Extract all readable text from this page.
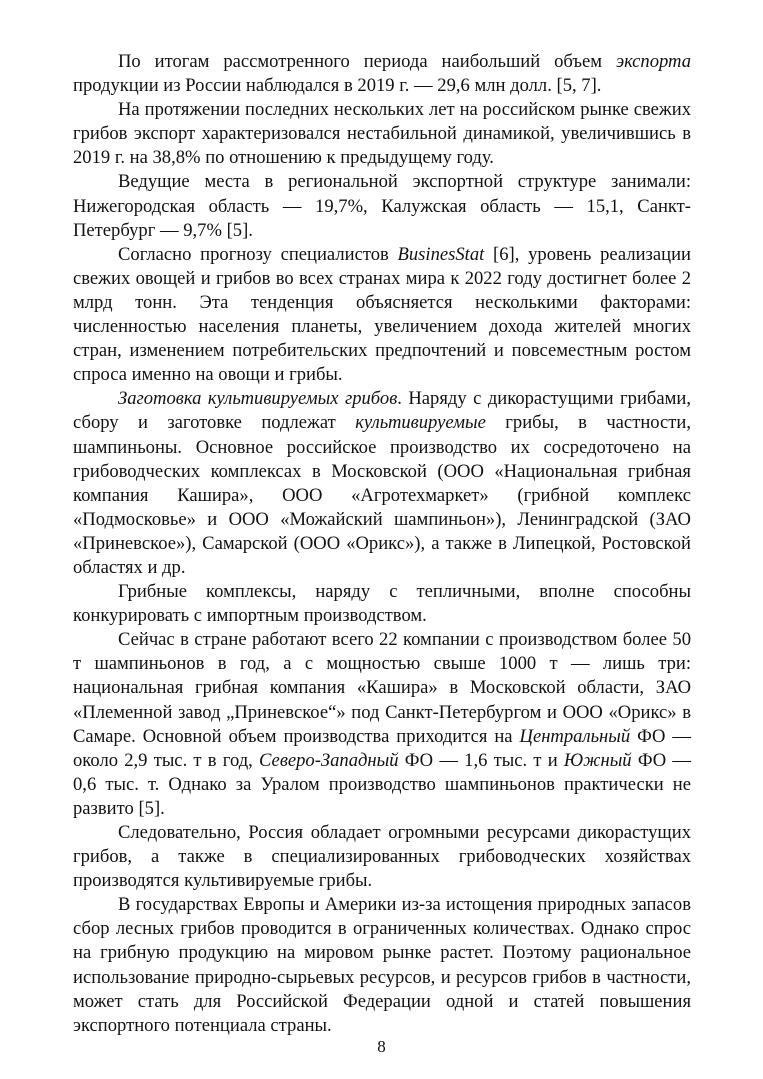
По итогам рассмотренного периода наибольший объем экспорта продукции из России наблюдался в 2019 г. — 29,6 млн долл. [5, 7].

На протяжении последних нескольких лет на российском рынке свежих грибов экспорт характеризовался нестабильной динамикой, увеличившись в 2019 г. на 38,8% по отношению к предыдущему году.

Ведущие места в региональной экспортной структуре занимали: Нижегородская область — 19,7%, Калужская область — 15,1, Санкт-Петербург — 9,7% [5].

Согласно прогнозу специалистов BusinesStat [6], уровень реализации свежих овощей и грибов во всех странах мира к 2022 году достигнет более 2 млрд тонн. Эта тенденция объясняется несколькими факторами: численностью населения планеты, увеличением дохода жителей многих стран, изменением потребительских предпочтений и повсеместным ростом спроса именно на овощи и грибы.

Заготовка культивируемых грибов. Наряду с дикорастущими грибами, сбору и заготовке подлежат культивируемые грибы, в частности, шампиньоны. Основное российское производство их сосредоточено на грибоводческих комплексах в Московской (ООО «Национальная грибная компания Кашира», ООО «Агротехмаркет» (грибной комплекс «Подмосковье» и ООО «Можайский шампиньон»), Ленинградской (ЗАО «Приневское»), Самарской (ООО «Орикс»), а также в Липецкой, Ростовской областях и др.

Грибные комплексы, наряду с тепличными, вполне способны конкурировать с импортным производством.

Сейчас в стране работают всего 22 компании с производством более 50 т шампиньонов в год, а с мощностью свыше 1000 т — лишь три: национальная грибная компания «Кашира» в Московской области, ЗАО «Племенной завод „Приневское“» под Санкт-Петербургом и ООО «Орикс» в Самаре. Основной объем производства приходится на Центральный ФО — около 2,9 тыс. т в год, Северо-Западный ФО — 1,6 тыс. т и Южный ФО — 0,6 тыс. т. Однако за Уралом производство шампиньонов практически не развито [5].

Следовательно, Россия обладает огромными ресурсами дикорастущих грибов, а также в специализированных грибоводческих хозяйствах производятся культивируемые грибы.

В государствах Европы и Америки из-за истощения природных запасов сбор лесных грибов проводится в ограниченных количествах. Однако спрос на грибную продукцию на мировом рынке растет. Поэтому рациональное использование природно-сырьевых ресурсов, и ресурсов грибов в частности, может стать для Российской Федерации одной и статей повышения экспортного потенциала страны.

8
